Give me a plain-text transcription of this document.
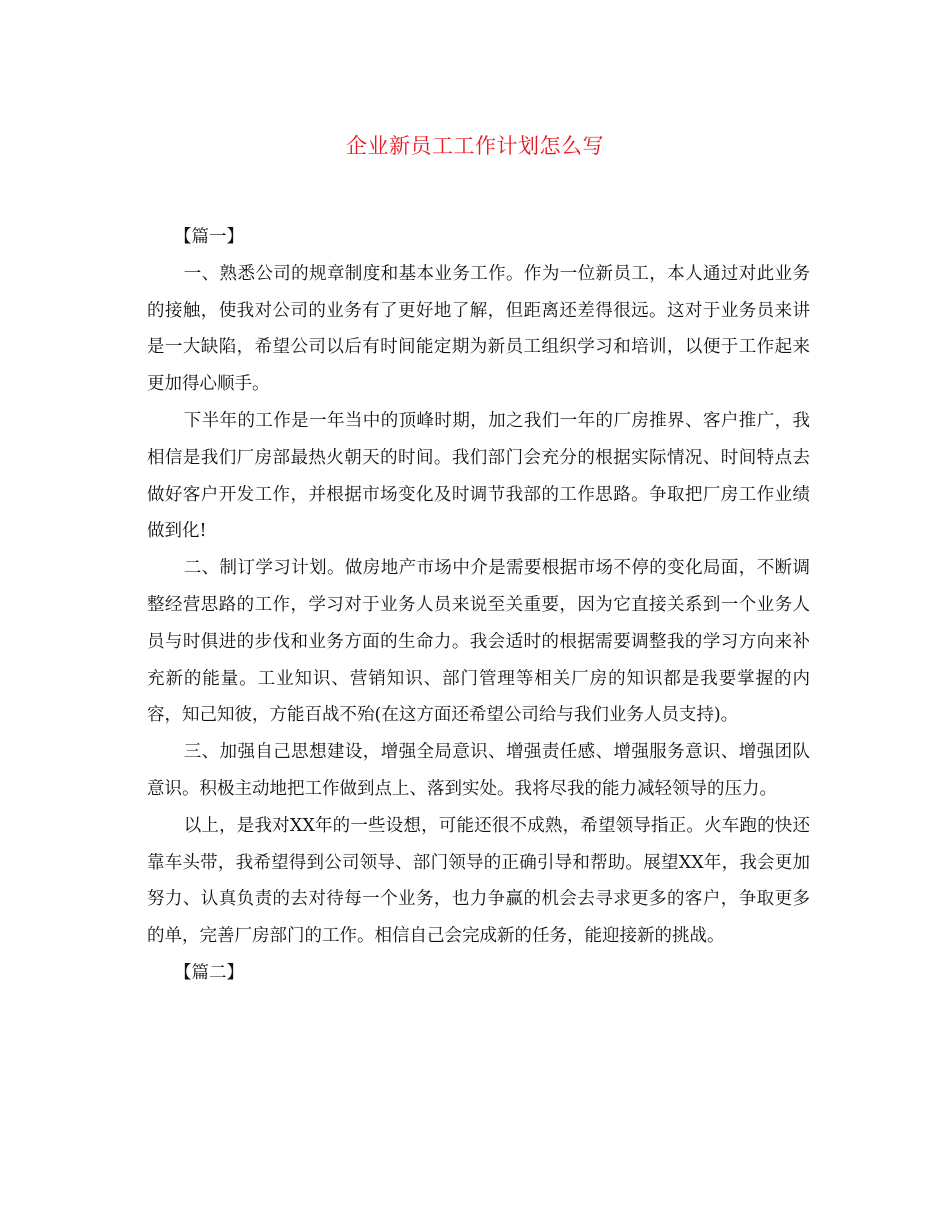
企业新员工工作计划怎么写

【篇一】

一、熟悉公司的规章制度和基本业务工作。作为一位新员工，本人通过对此业务的接触，使我对公司的业务有了更好地了解，但距离还差得很远。这对于业务员来讲是一大缺陷，希望公司以后有时间能定期为新员工组织学习和培训，以便于工作起来更加得心顺手。

下半年的工作是一年当中的顶峰时期，加之我们一年的厂房推界、客户推广，我相信是我们厂房部最热火朝天的时间。我们部门会充分的根据实际情况、时间特点去做好客户开发工作，并根据市场变化及时调节我部的工作思路。争取把厂房工作业绩做到化!

二、制订学习计划。做房地产市场中介是需要根据市场不停的变化局面，不断调整经营思路的工作，学习对于业务人员来说至关重要，因为它直接关系到一个业务人员与时俱进的步伐和业务方面的生命力。我会适时的根据需要调整我的学习方向来补充新的能量。工业知识、营销知识、部门管理等相关厂房的知识都是我要掌握的内容，知己知彼，方能百战不殆(在这方面还希望公司给与我们业务人员支持)。

三、加强自己思想建设，增强全局意识、增强责任感、增强服务意识、增强团队意识。积极主动地把工作做到点上、落到实处。我将尽我的能力减轻领导的压力。

以上，是我对XX年的一些设想，可能还很不成熟，希望领导指正。火车跑的快还靠车头带，我希望得到公司领导、部门领导的正确引导和帮助。展望XX年，我会更加努力、认真负责的去对待每一个业务，也力争赢的机会去寻求更多的客户，争取更多的单，完善厂房部门的工作。相信自己会完成新的任务，能迎接新的挑战。

【篇二】
